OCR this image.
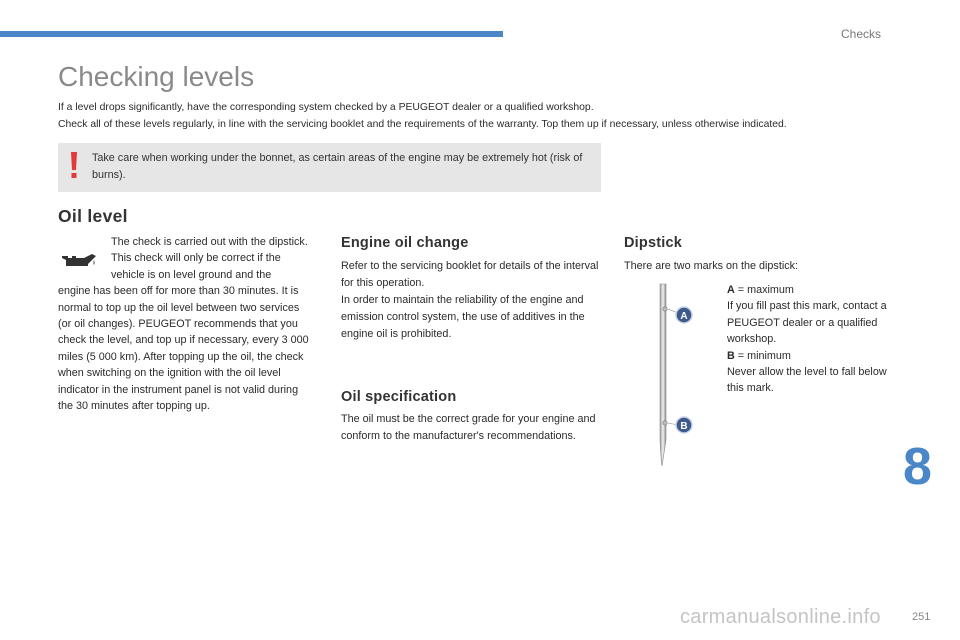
Checks
Checking levels

If a level drops significantly, have the corresponding system checked by a PEUGEOT dealer or a qualified workshop.

Check all of these levels regularly, in line with the servicing booklet and the requirements of the warranty. Top them up if necessary, unless otherwise indicated.

Take care when working under the bonnet, as certain areas of the engine may be extremely hot (risk of burns).
Oil level
The check is carried out with the dipstick.
This check will only be correct if the vehicle is on level ground and the
engine has been off for more than 30 minutes. It is normal to top up the oil level between two services (or oil changes). PEUGEOT recommends that you check the level, and top up if necessary, every 3 000 miles (5 000 km). After topping up the oil, the check when switching on the ignition with the oil level indicator in the instrument panel is not valid during the 30 minutes after topping up.
Engine oil change

Refer to the servicing booklet for details of the interval for this operation.

In order to maintain the reliability of the engine and emission control system, the use of additives in the engine oil is prohibited.

Oil specification

The oil must be the correct grade for your engine and conform to the manufacturer's recommendations.

Dipstick

There are two marks on the dipstick:

A
B

A = maximum

If you fill past this mark, contact a PEUGEOT dealer or a qualified workshop.

B = minimum

Never allow the level to fall below this mark.

8
carmanualsonline.info	251
